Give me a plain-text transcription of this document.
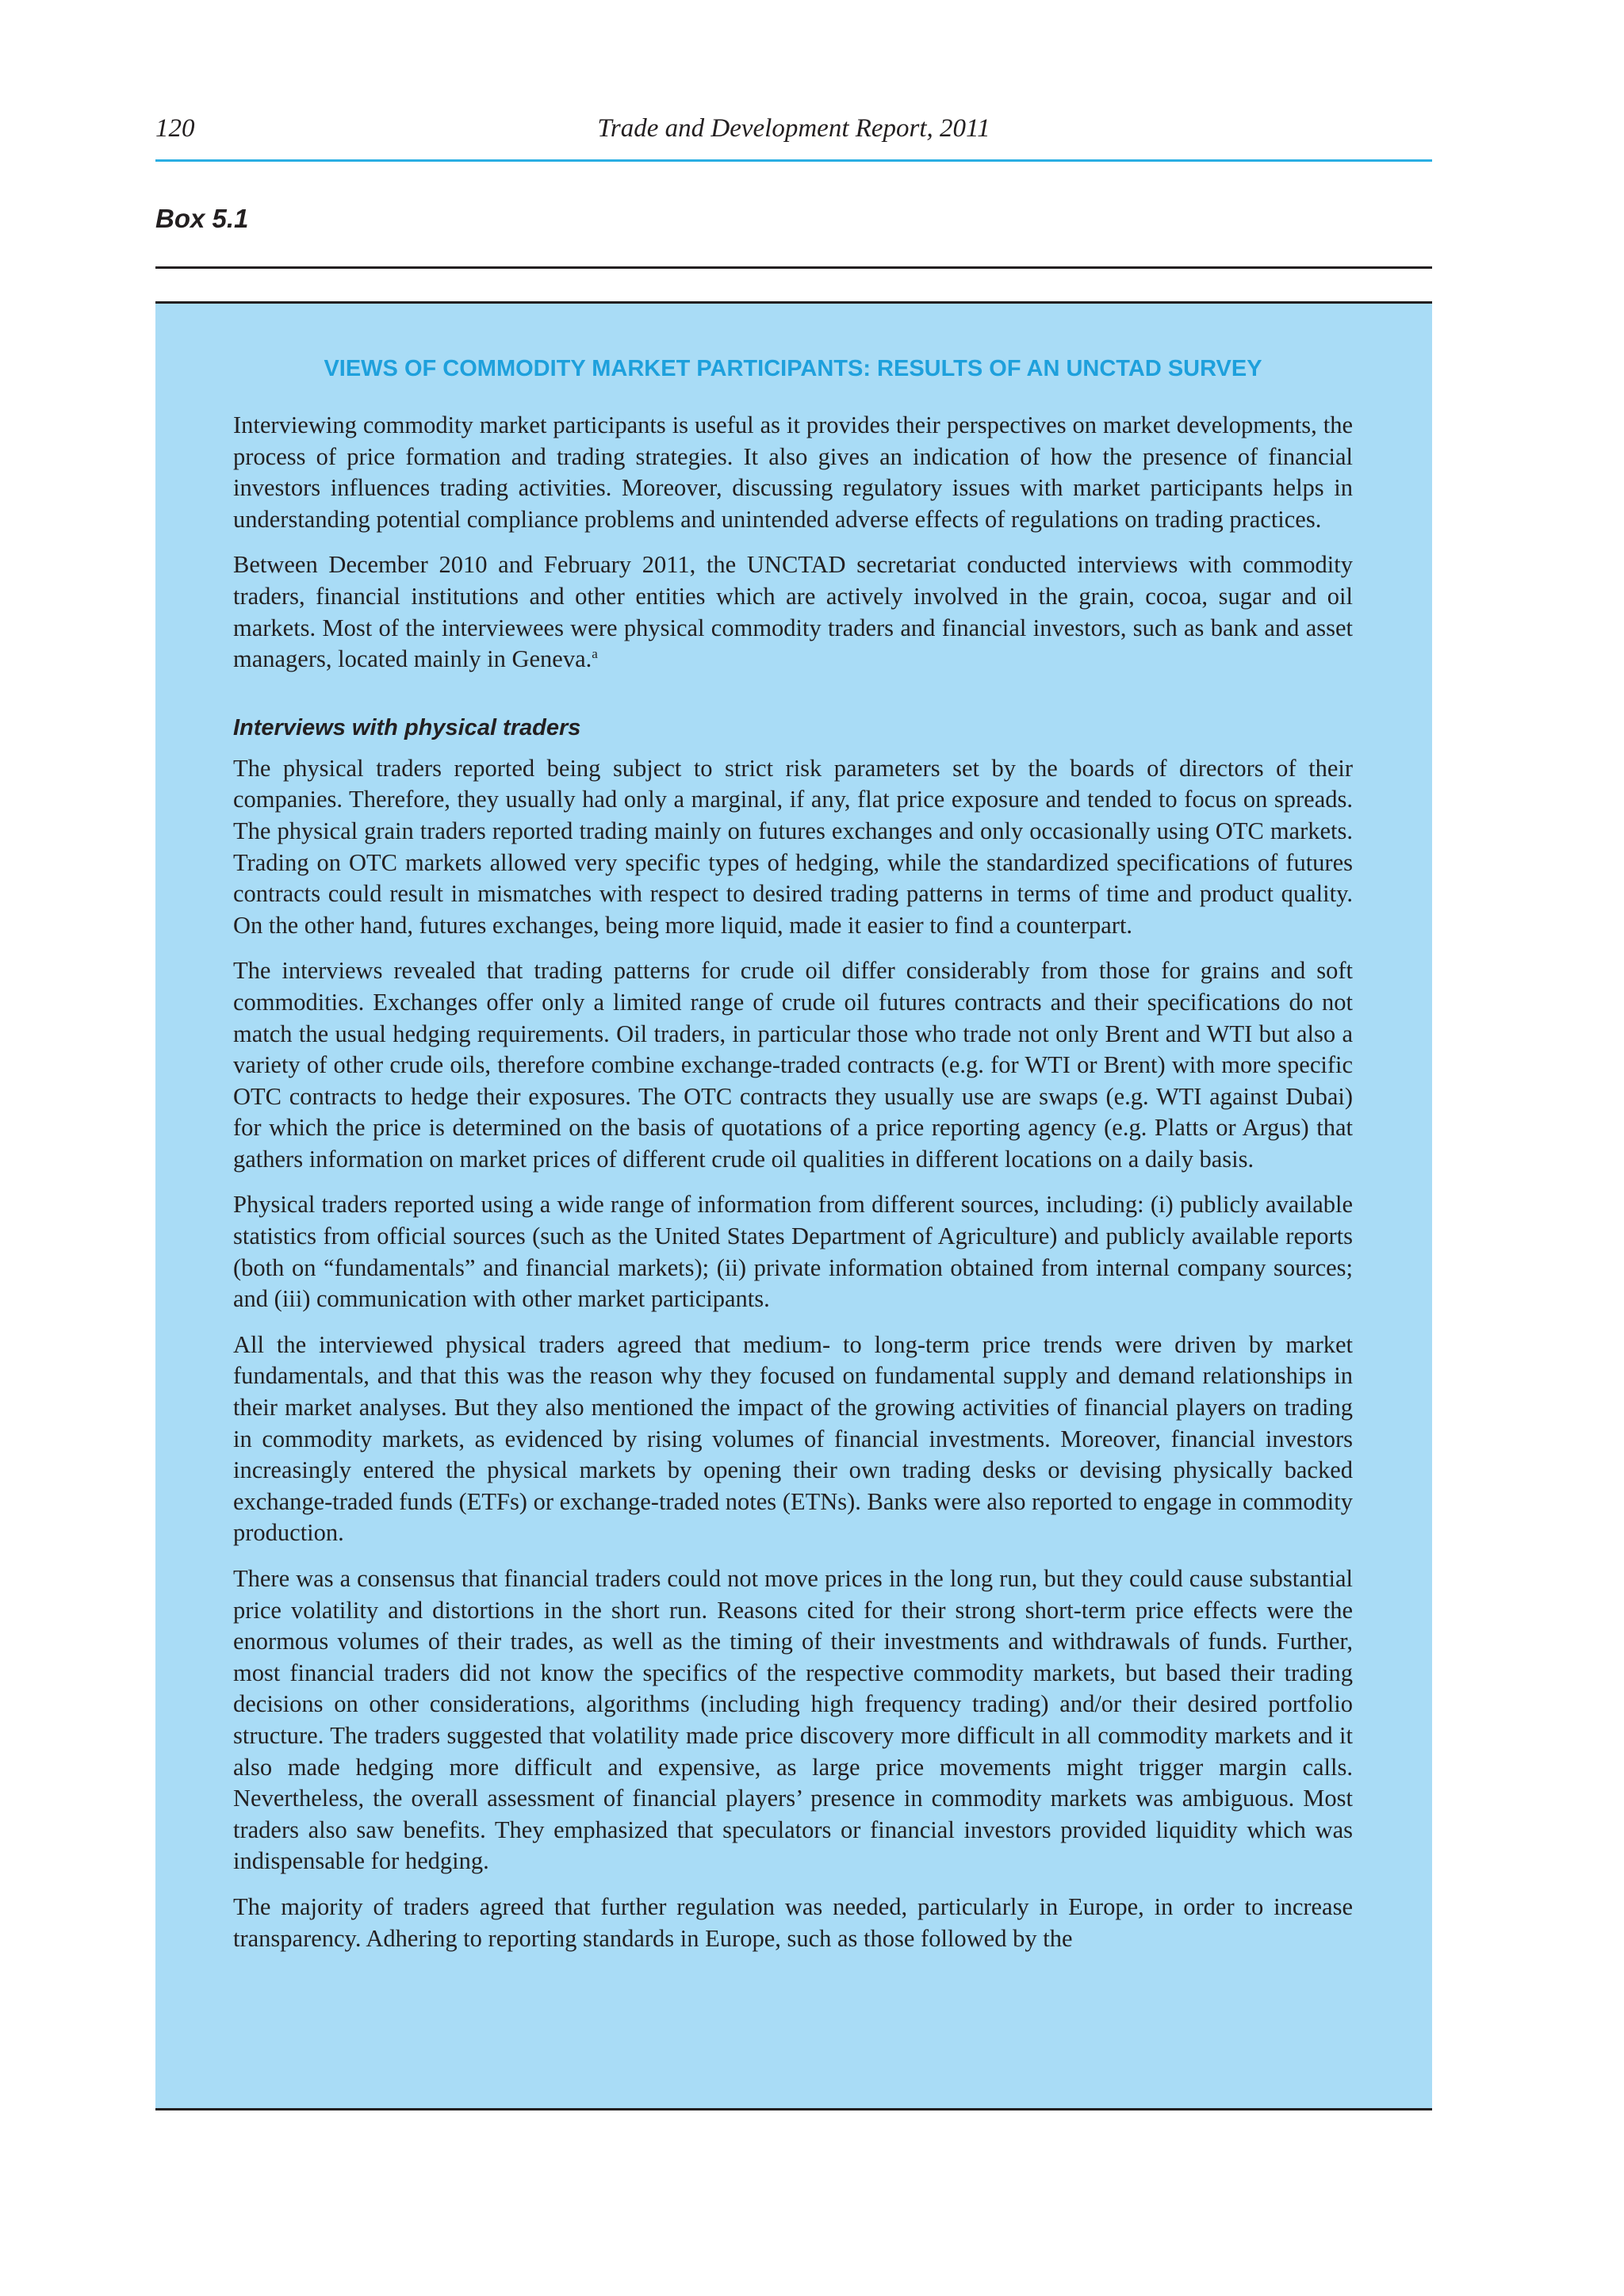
120	Trade and Development Report, 2011
Box 5.1
VIEWS OF COMMODITY MARKET PARTICIPANTS: RESULTS OF AN UNCTAD SURVEY

Interviewing commodity market participants is useful as it provides their perspectives on market developments, the process of price formation and trading strategies. It also gives an indication of how the presence of financial investors influences trading activities. Moreover, discussing regulatory issues with market participants helps in understanding potential compliance problems and unintended adverse effects of regulations on trading practices.

Between December 2010 and February 2011, the UNCTAD secretariat conducted interviews with commodity traders, financial institutions and other entities which are actively involved in the grain, cocoa, sugar and oil markets. Most of the interviewees were physical commodity traders and financial investors, such as bank and asset managers, located mainly in Geneva.$^a$

Interviews with physical traders

The physical traders reported being subject to strict risk parameters set by the boards of directors of their companies. Therefore, they usually had only a marginal, if any, flat price exposure and tended to focus on spreads. The physical grain traders reported trading mainly on futures exchanges and only occasionally using OTC markets. Trading on OTC markets allowed very specific types of hedging, while the standardized specifications of futures contracts could result in mismatches with respect to desired trading patterns in terms of time and product quality. On the other hand, futures exchanges, being more liquid, made it easier to find a counterpart.

The interviews revealed that trading patterns for crude oil differ considerably from those for grains and soft commodities. Exchanges offer only a limited range of crude oil futures contracts and their specifications do not match the usual hedging requirements. Oil traders, in particular those who trade not only Brent and WTI but also a variety of other crude oils, therefore combine exchange-traded contracts (e.g. for WTI or Brent) with more specific OTC contracts to hedge their exposures. The OTC contracts they usually use are swaps (e.g. WTI against Dubai) for which the price is determined on the basis of quotations of a price reporting agency (e.g. Platts or Argus) that gathers information on market prices of different crude oil qualities in different locations on a daily basis.

Physical traders reported using a wide range of information from different sources, including: (i) publicly available statistics from official sources (such as the United States Department of Agriculture) and publicly available reports (both on “fundamentals” and financial markets); (ii) private information obtained from internal company sources; and (iii) communication with other market participants.

All the interviewed physical traders agreed that medium- to long-term price trends were driven by market fundamentals, and that this was the reason why they focused on fundamental supply and demand relationships in their market analyses. But they also mentioned the impact of the growing activities of financial players on trading in commodity markets, as evidenced by rising volumes of financial investments. Moreover, financial investors increasingly entered the physical markets by opening their own trading desks or devising physically backed exchange-traded funds (ETFs) or exchange-traded notes (ETNs). Banks were also reported to engage in commodity production.

There was a consensus that financial traders could not move prices in the long run, but they could cause substantial price volatility and distortions in the short run. Reasons cited for their strong short-term price effects were the enormous volumes of their trades, as well as the timing of their investments and withdrawals of funds. Further, most financial traders did not know the specifics of the respective commodity markets, but based their trading decisions on other considerations, algorithms (including high frequency trading) and/or their desired portfolio structure. The traders suggested that volatility made price discovery more difficult in all commodity markets and it also made hedging more difficult and expensive, as large price movements might trigger margin calls. Nevertheless, the overall assessment of financial players’ presence in commodity markets was ambiguous. Most traders also saw benefits. They emphasized that speculators or financial investors provided liquidity which was indispensable for hedging.

The majority of traders agreed that further regulation was needed, particularly in Europe, in order to increase transparency. Adhering to reporting standards in Europe, such as those followed by the
